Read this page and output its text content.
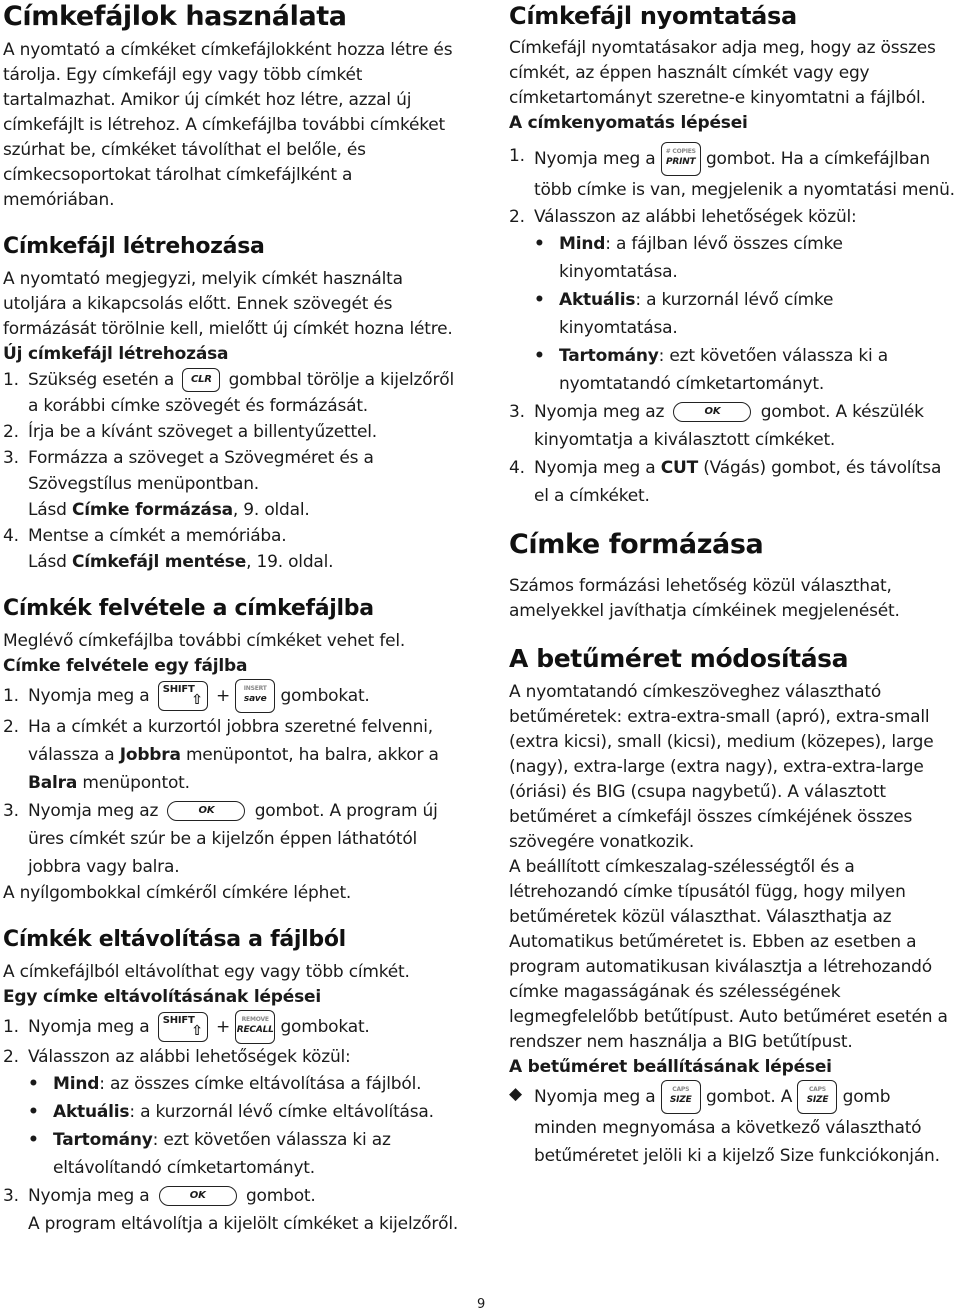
Címkefájlok használata
A nyomtató a címkéket címkefájlokként hozza létre és tárolja. Egy címkefájl egy vagy több címkét tartalmazhat. Amikor új címkét hoz létre, azzal új címkefájlt is létrehoz. A címkefájlba további címkéket szúrhat be, címkéket távolíthat el belőle, és címkecsoportokat tárolhat címkefájlként a memóriában.
Címkefájl létrehozása
A nyomtató megjegyzi, melyik címkét használta utoljára a kikapcsolás előtt. Ennek szövegét és formázását törölnie kell, mielőtt új címkét hozna létre.
Új címkefájl létrehozása
1. Szükség esetén a CLR gombbal törölje a kijelzőről a korábbi címke szövegét és formázását.
2. Írja be a kívánt szöveget a billentyűzettel.
3. Formázza a szöveget a Szövegméret és a Szövegstílus menüpontban.
Lásd Címke formázása, 9. oldal.
4. Mentse a címkét a memóriába.
Lásd Címkefájl mentése, 19. oldal.
Címkék felvétele a címkefájlba
Meglévő címkefájlba további címkéket vehet fel.
Címke felvétele egy fájlba
1. Nyomja meg a SHIFT
⇧ +	INSERT
save gombokat.
2. Ha a címkét a kurzortól jobbra szeretné felvenni, válassza a Jobbra menüpontot, ha balra, akkor a Balra menüpontot.
3. Nyomja meg az	OK gombot. A program új üres címkét szúr be a kijelzőn éppen láthatótól jobbra vagy balra.
A nyílgombokkal címkéről címkére léphet.
Címkék eltávolítása a fájlból
A címkefájlból eltávolíthat egy vagy több címkét.
Egy címke eltávolításának lépései
1. Nyomja meg a SHIFT
⇧ +	REMOVE
RECALL gombokat.
2. Válasszon az alábbi lehetőségek közül:
• Mind: az összes címke eltávolítása a fájlból.
• Aktuális: a kurzornál lévő címke eltávolítása.
• Tartomány: ezt követően válassza ki az eltávolítandó címketartományt.
3. Nyomja meg a	OK gombot.
A program eltávolítja a kijelölt címkéket a kijelzőről.
Címkefájl nyomtatása
Címkefájl nyomtatásakor adja meg, hogy az összes címkét, az éppen használt címkét vagy egy címketartományt szeretne-e kinyomtatni a fájlból.
A címkenyomatás lépései
1. Nyomja meg a	# COPIES
PRINT gombot. Ha a címkefájlban több címke is van, megjelenik a nyomtatási menü.
2. Válasszon az alábbi lehetőségek közül:
• Mind: a fájlban lévő összes címke kinyomtatása.
• Aktuális: a kurzornál lévő címke kinyomtatása.
• Tartomány: ezt követően válassza ki a nyomtatandó címketartományt.
3. Nyomja meg az	OK gombot. A készülék kinyomtatja a kiválasztott címkéket.
4. Nyomja meg a CUT (Vágás) gombot, és távolítsa el a címkéket.
Címke formázása
Számos formázási lehetőség közül választhat, amelyekkel javíthatja címkéinek megjelenését.
A betűméret módosítása
A nyomtatandó címkeszöveghez választható betűméretek: extra-extra-small (apró), extra-small (extra kicsi), small (kicsi), medium (közepes), large (nagy), extra-large (extra nagy), extra-extra-large (óriási) és BIG (csupa nagybetű). A választott betűméret a címkefájl összes címkéjének összes szövegére vonatkozik.
A beállított címkeszalag-szélességtől és a létrehozandó címke típusától függ, hogy milyen betűméretek közül választhat. Választhatja az Automatikus betűméretet is. Ebben az esetben a program automatikusan kiválasztja a létrehozandó címke magasságának és szélességének legmegfelelőbb betűtípust. Auto betűméret esetén a rendszer nem használja a BIG betűtípust.
A betűméret beállításának lépései
◆ Nyomja meg a	CAPS
SIZE gombot. A	CAPS
SIZE gomb minden megnyomása a következő választható betűméretet jelöli ki a kijelző Size funkciókonján.
9
